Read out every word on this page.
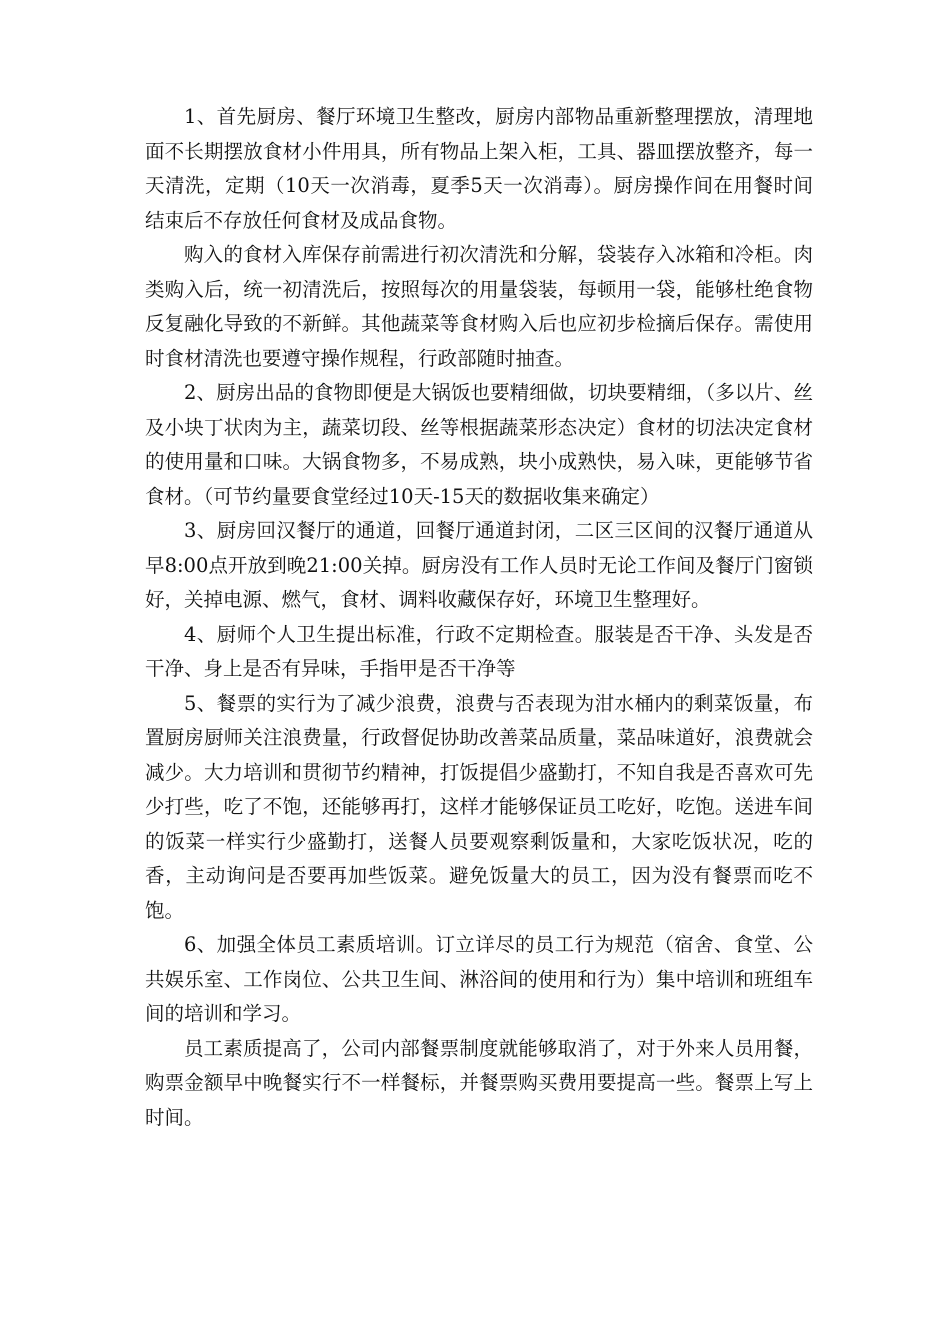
1、首先厨房、餐厅环境卫生整改，厨房内部物品重新整理摆放，清理地面不长期摆放食材小件用具，所有物品上架入柜，工具、器皿摆放整齐，每一天清洗，定期（10天一次消毒，夏季5天一次消毒）。厨房操作间在用餐时间结束后不存放任何食材及成品食物。

购入的食材入库保存前需进行初次清洗和分解，袋装存入冰箱和冷柜。肉类购入后，统一初清洗后，按照每次的用量袋装，每顿用一袋，能够杜绝食物反复融化导致的不新鲜。其他蔬菜等食材购入后也应初步检摘后保存。需使用时食材清洗也要遵守操作规程，行政部随时抽查。

2、厨房出品的食物即便是大锅饭也要精细做，切块要精细，（多以片、丝及小块丁状肉为主，蔬菜切段、丝等根据蔬菜形态决定）食材的切法决定食材的使用量和口味。大锅食物多，不易成熟，块小成熟快，易入味，更能够节省食材。（可节约量要食堂经过10天-15天的数据收集来确定）

3、厨房回汉餐厅的通道，回餐厅通道封闭，二区三区间的汉餐厅通道从早8:00点开放到晚21:00关掉。厨房没有工作人员时无论工作间及餐厅门窗锁好，关掉电源、燃气，食材、调料收藏保存好，环境卫生整理好。

4、厨师个人卫生提出标准，行政不定期检查。服装是否干净、头发是否干净、身上是否有异味，手指甲是否干净等

5、餐票的实行为了减少浪费，浪费与否表现为泔水桶内的剩菜饭量，布置厨房厨师关注浪费量，行政督促协助改善菜品质量，菜品味道好，浪费就会减少。大力培训和贯彻节约精神，打饭提倡少盛勤打，不知自我是否喜欢可先少打些，吃了不饱，还能够再打，这样才能够保证员工吃好，吃饱。送进车间的饭菜一样实行少盛勤打，送餐人员要观察剩饭量和，大家吃饭状况，吃的香，主动询问是否要再加些饭菜。避免饭量大的员工，因为没有餐票而吃不饱。

6、加强全体员工素质培训。订立详尽的员工行为规范（宿舍、食堂、公共娱乐室、工作岗位、公共卫生间、淋浴间的使用和行为）集中培训和班组车间的培训和学习。

员工素质提高了，公司内部餐票制度就能够取消了，对于外来人员用餐，购票金额早中晚餐实行不一样餐标，并餐票购买费用要提高一些。餐票上写上时间。
